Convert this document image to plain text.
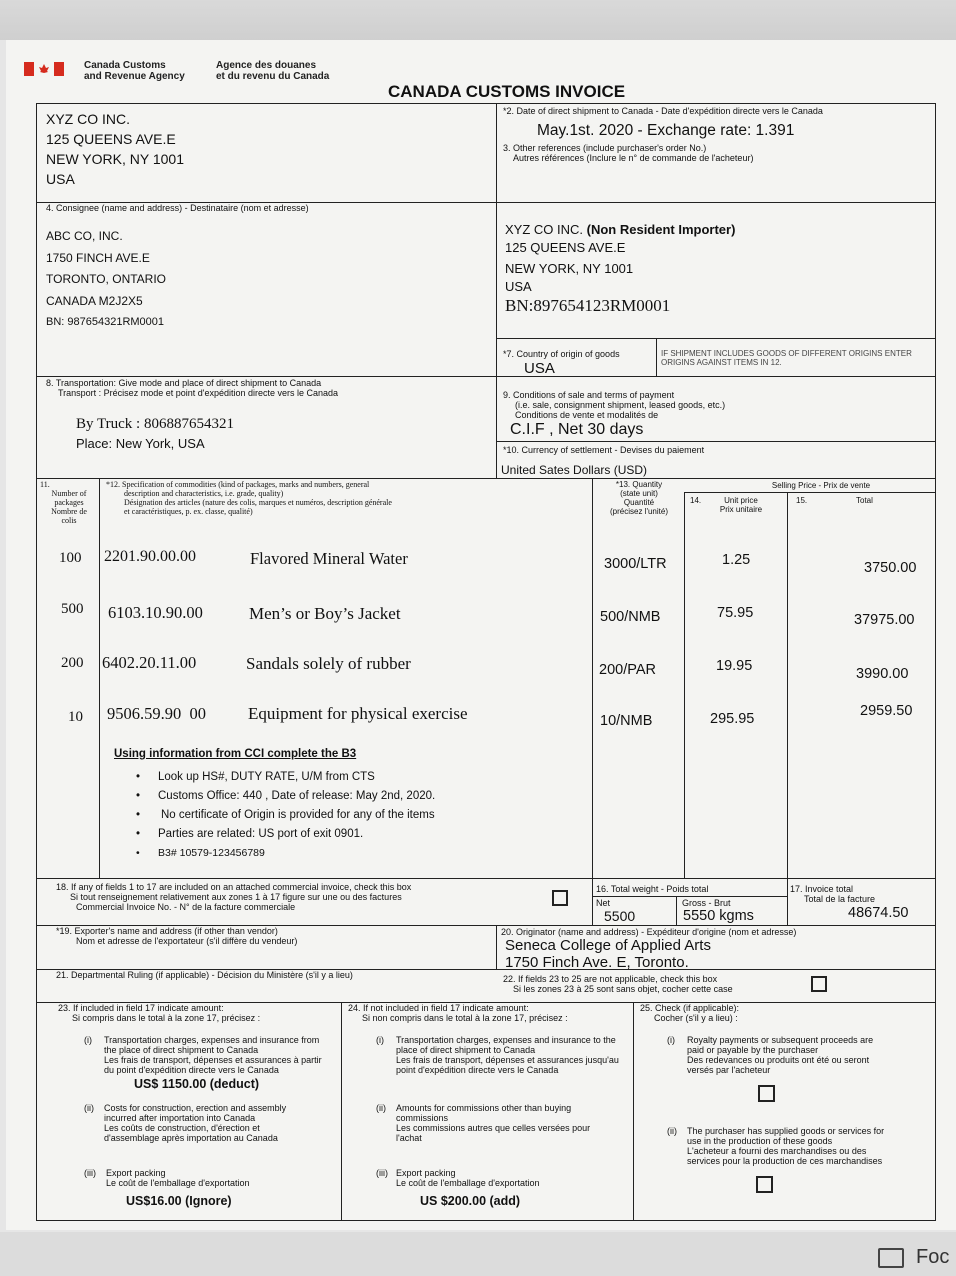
Canada Customs
and Revenue Agency
Agence des douanes
et du revenu du Canada
CANADA CUSTOMS INVOICE
XYZ CO INC.
125 QUEENS AVE.E
NEW YORK, NY 1001
USA
*2. Date of direct shipment to Canada - Date d'expédition directe vers le Canada
May.1st. 2020 - Exchange rate: 1.391
3. Other references (include purchaser's order No.)
Autres références (Inclure le n° de commande de l'acheteur)
4. Consignee (name and address) - Destinataire (nom et adresse)
ABC CO, INC.
1750 FINCH AVE.E
TORONTO, ONTARIO
CANADA M2J2X5
BN: 987654321RM0001
XYZ CO INC. (Non Resident Importer)
125 QUEENS AVE.E
NEW YORK, NY 1001
USA
BN:897654123RM0001
*7. Country of origin of goods
USA
IF SHIPMENT INCLUDES GOODS OF DIFFERENT ORIGINS ENTER
ORIGINS AGAINST ITEMS IN 12.
8. Transportation: Give mode and place of direct shipment to Canada
Transport : Précisez mode et point d'expédition directe vers le Canada
By Truck : 806887654321
Place: New York, USA
9. Conditions of sale and terms of payment
(i.e. sale, consignment shipment, leased goods, etc.)
Conditions de vente et modalités de
C.I.F , Net 30 days
*10. Currency of settlement - Devises du paiement
United Sates Dollars (USD)
11.
Number of
packages
Nombre de
colis
*12. Specification of commodities (kind of packages, marks and numbers, general
description and characteristics, i.e. grade, quality)
Désignation des articles (nature des colis, marques et numéros, description générale
et caractéristiques, p. ex. classe, qualité)
*13. Quantity
(state unit)
Quantité
(précisez l'unité)
Selling Price - Prix de vente
14.	Unit price
Prix unitaire
15.	Total
100 2201.90.00.00	Flavored Mineral Water	3000/LTR	1.25	3750.00
500 6103.10.90.00	Men’s or Boy’s Jacket	500/NMB	75.95	37975.00
200 6402.20.11.00	Sandals solely of rubber	200/PAR	19.95	3990.00
10 9506.59.90  00 Equipment for physical exercise	10/NMB	295.95	2959.50
Using information from CCI complete the B3
• Look up HS#, DUTY RATE, U/M from CTS
• Customs Office: 440 , Date of release: May 2nd, 2020.
• No certificate of Origin is provided for any of the items
• Parties are related: US port of exit 0901.
• B3# 10579-123456789
18. If any of fields 1 to 17 are included on an attached commercial invoice, check this box
Si tout renseignement relativement aux zones 1 à 17 figure sur une ou des factures
Commercial Invoice No. - N° de la facture commerciale
16. Total weight - Poids total
Net	Gross - Brut
5500	5550 kgms
17. Invoice total
Total de la facture
48674.50
*19. Exporter's name and address (if other than vendor)
Nom et adresse de l'exportateur (s'il diffère du vendeur)
20. Originator (name and address) - Expéditeur d'origine (nom et adresse)
Seneca College of Applied Arts
1750 Finch Ave. E, Toronto.
21. Departmental Ruling (if applicable) - Décision du Ministère (s'il y a lieu)	22. If fields 23 to 25 are not applicable, check this box
Si les zones 23 à 25 sont sans objet, cocher cette case
23. If included in field 17 indicate amount:
Si compris dans le total à la zone 17, précisez :
(i) Transportation charges, expenses and insurance from the place of direct shipment to Canada
Les frais de transport, dépenses et assurances à partir du point d'expédition directe vers le Canada
US$ 1150.00 (deduct)
(ii) Costs for construction, erection and assembly incurred after importation into Canada
Les coûts de construction, d'érection et d'assemblage après importation au Canada
(iii) Export packing
Le coût de l'emballage d'exportation
US$16.00 (Ignore)
24. If not included in field 17 indicate amount:
Si non compris dans le total à la zone 17, précisez :
(i) Transportation charges, expenses and insurance to the place of direct shipment to Canada
Les frais de transport, dépenses et assurances jusqu'au point d'expédition directe vers le Canada
(ii) Amounts for commissions other than buying commissions
Les commissions autres que celles versées pour l'achat
(iii) Export packing
Le coût de l'emballage d'exportation
US $200.00 (add)
25. Check (if applicable):
Cocher (s'il y a lieu) :
(i) Royalty payments or subsequent proceeds are paid or payable by the purchaser
Des redevances ou produits ont été ou seront versés par l'acheteur
(ii) The purchaser has supplied goods or services for use in the production of these goods
L'acheteur a fourni des marchandises ou des services pour la production de ces marchandises
Foc
